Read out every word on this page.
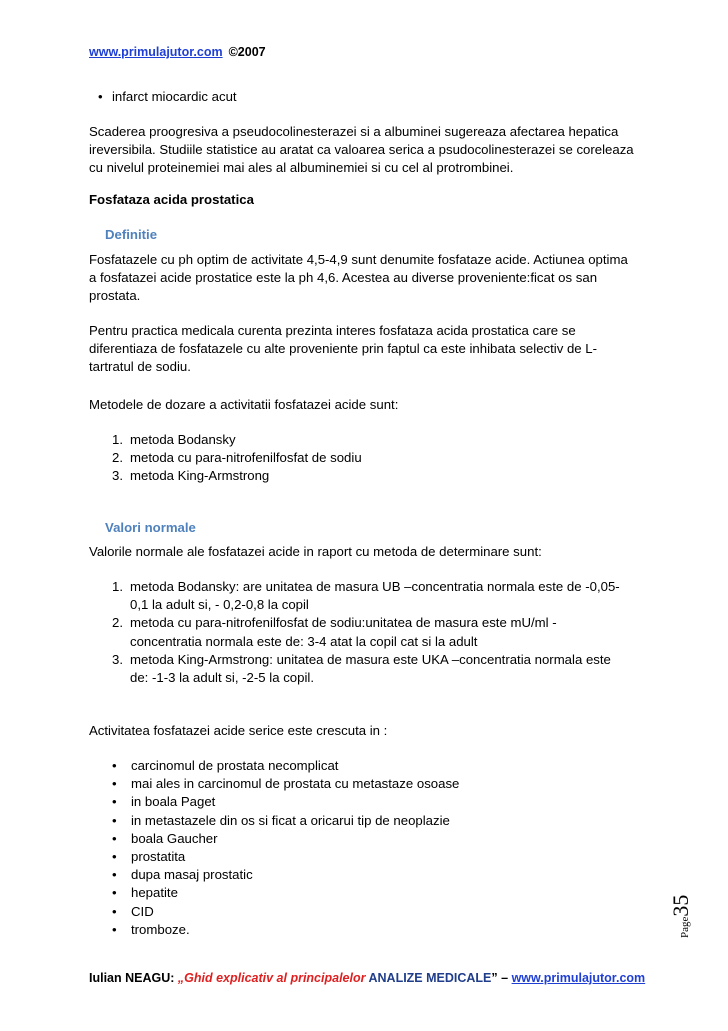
www.primulajutor.com ©2007
• infarct miocardic acut
Scaderea proogresiva a pseudocolinesterazei si a albuminei sugereaza afectarea hepatica
ireversibila. Studiile statistice au aratat ca valoarea serica a psudocolinesterazei se coreleaza
cu nivelul proteinemiei mai ales al albuminemiei si cu cel al protrombinei.
Fosfataza acida prostatica
Definitie
Fosfatazele cu ph optim de activitate 4,5-4,9 sunt denumite fosfataze acide. Actiunea optima
a fosfatazei acide prostatice este la ph 4,6. Acestea au diverse proveniente:ficat os san
prostata.
Pentru practica medicala curenta prezinta interes fosfataza acida prostatica care se
diferentiaza de fosfatazele cu alte proveniente prin faptul ca este inhibata selectiv de L-
tartratul de sodiu.
Metodele de dozare a activitatii fosfatazei acide sunt:
1. metoda Bodansky
2. metoda cu para-nitrofenilfosfat de sodiu
3. metoda King-Armstrong
Valori normale
Valorile normale ale fosfatazei acide in raport cu metoda de determinare sunt:
1. metoda Bodansky: are unitatea de masura UB –concentratia normala este de -0,05-
0,1 la adult si, - 0,2-0,8 la copil
2. metoda cu para-nitrofenilfosfat de sodiu:unitatea de masura este mU/ml -
concentratia normala este de: 3-4 atat la copil cat si la adult
3. metoda King-Armstrong: unitatea de masura este UKA –concentratia normala este
de: -1-3 la adult si, -2-5 la copil.
Activitatea fosfatazei acide serice este crescuta in :
• carcinomul de prostata necomplicat
• mai ales in carcinomul de prostata cu metastaze osoase
• in boala Paget
• in metastazele din os si ficat a oricarui tip de neoplazie
• boala Gaucher
• prostatita
• dupa masaj prostatic
• hepatite
• CID
• tromboze.	Page35
Iulian NEAGU: „Ghid explicativ al principalelor ANALIZE MEDICALE” – www.primulajutor.com
